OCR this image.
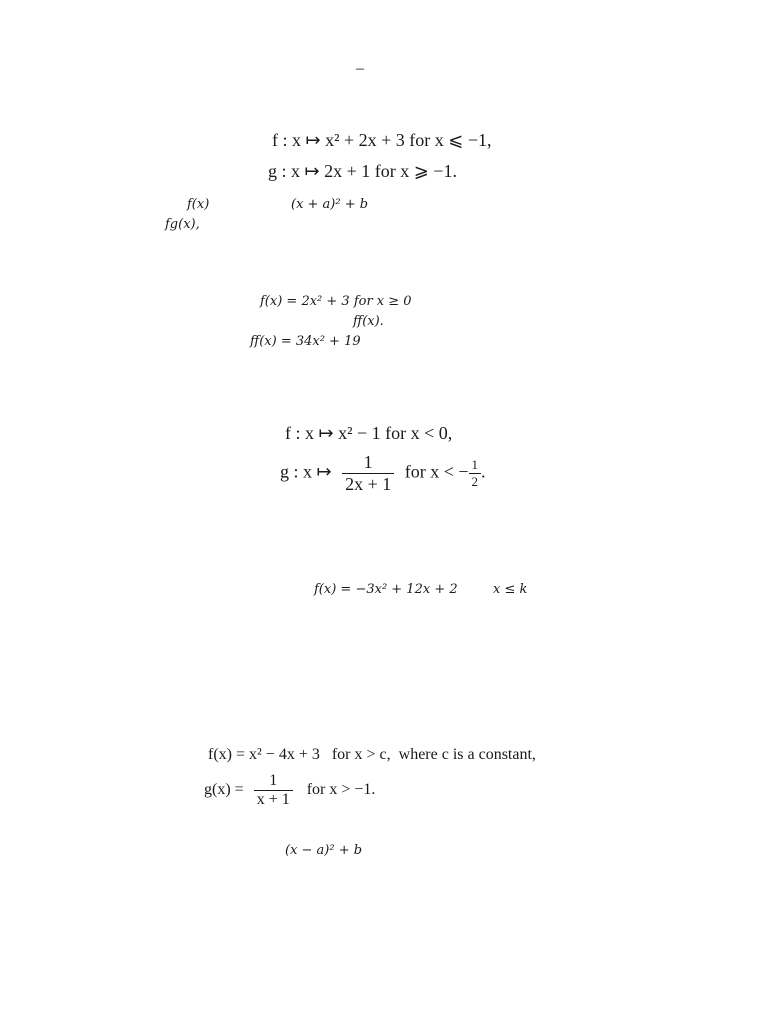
–
f : x ↦ x² + 2x + 3 for x ⩽ −1,
g : x ↦ 2x + 1 for x ⩾ −1.
f(x)	(x + a)² + b
fg(x),
f(x) = 2x² + 3 for x ≥ 0
ff(x).
ff(x) = 34x² + 19
f : x ↦ x² − 1 for x < 0,
g : x ↦ $\frac{1}{2x + 1}$ for x < − $\frac{1}{2}$ .
f(x) = −3x² + 12x + 2	x ≤ k
f(x) = x² − 4x + 3   for x > c,  where c is a constant,
$g(x) = \frac{1}{x + 1}$ for x > −1.
(x − a)² + b
